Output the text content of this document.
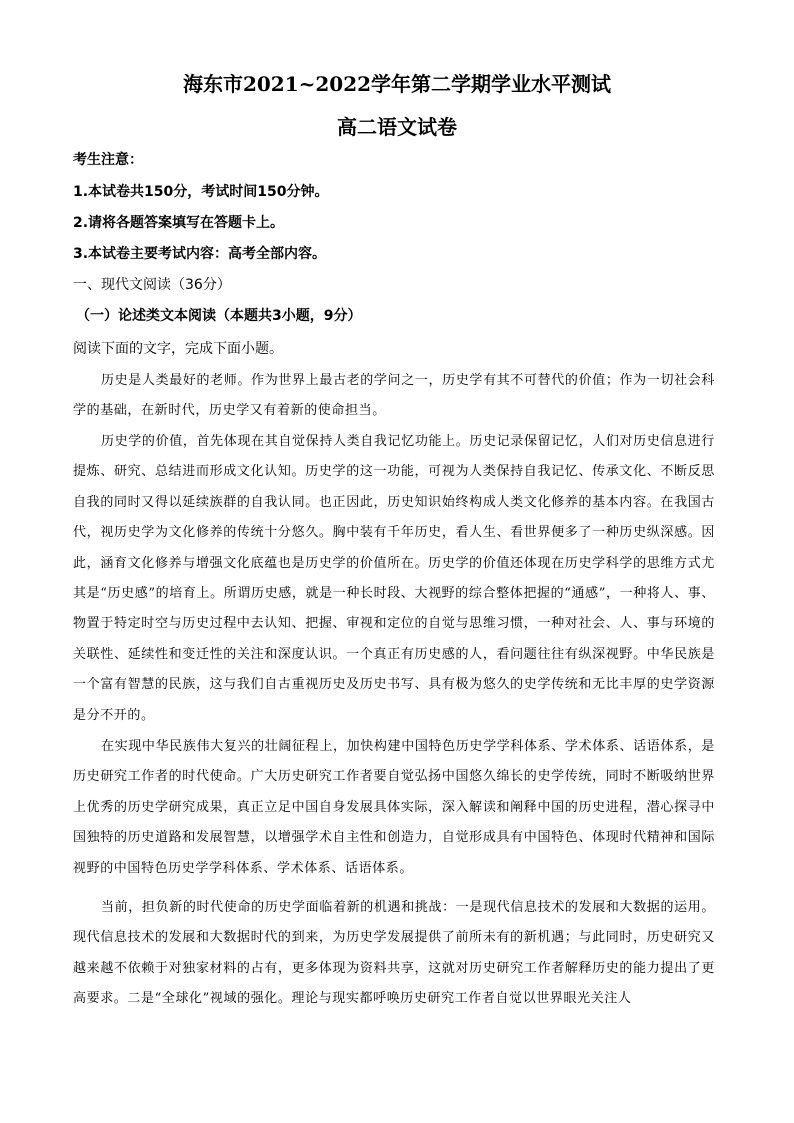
海东市2021~2022学年第二学期学业水平测试
高二语文试卷
考生注意：
1.本试卷共150分，考试时间150分钟。
2.请将各题答案填写在答题卡上。
3.本试卷主要考试内容：高考全部内容。
一、现代文阅读（36分）
（一）论述类文本阅读（本题共3小题，9分）
阅读下面的文字，完成下面小题。
历史是人类最好的老师。作为世界上最古老的学问之一，历史学有其不可替代的价值；作为一切社会科学的基础，在新时代，历史学又有着新的使命担当。
历史学的价值，首先体现在其自觉保持人类自我记忆功能上。历史记录保留记忆，人们对历史信息进行提炼、研究、总结进而形成文化认知。历史学的这一功能，可视为人类保持自我记忆、传承文化、不断反思自我的同时又得以延续族群的自我认同。也正因此，历史知识始终构成人类文化修养的基本内容。在我国古代，视历史学为文化修养的传统十分悠久。胸中装有千年历史，看人生、看世界便多了一种历史纵深感。因此，涵育文化修养与增强文化底蕴也是历史学的价值所在。历史学的价值还体现在历史学科学的思维方式尤其是“历史感”的培育上。所谓历史感，就是一种长时段、大视野的综合整体把握的“通感”，一种将人、事、物置于特定时空与历史过程中去认知、把握、审视和定位的自觉与思维习惯，一种对社会、人、事与环境的关联性、延续性和变迁性的关注和深度认识。一个真正有历史感的人，看问题往往有纵深视野。中华民族是一个富有智慧的民族，这与我们自古重视历史及历史书写、具有极为悠久的史学传统和无比丰厚的史学资源是分不开的。
在实现中华民族伟大复兴的壮阔征程上，加快构建中国特色历史学学科体系、学术体系、话语体系，是历史研究工作者的时代使命。广大历史研究工作者要自觉弘扬中国悠久绵长的史学传统，同时不断吸纳世界上优秀的历史学研究成果，真正立足中国自身发展具体实际，深入解读和阐释中国的历史进程，潜心探寻中国独特的历史道路和发展智慧，以增强学术自主性和创造力，自觉形成具有中国特色、体现时代精神和国际视野的中国特色历史学学科体系、学术体系、话语体系。
当前，担负新的时代使命的历史学面临着新的机遇和挑战：一是现代信息技术的发展和大数据的运用。现代信息技术的发展和大数据时代的到来，为历史学发展提供了前所未有的新机遇；与此同时，历史研究又越来越不依赖于对独家材料的占有，更多体现为资料共享，这就对历史研究工作者解释历史的能力提出了更高要求。二是“全球化”视域的强化。理论与现实都呼唤历史研究工作者自觉以世界眼光关注人
